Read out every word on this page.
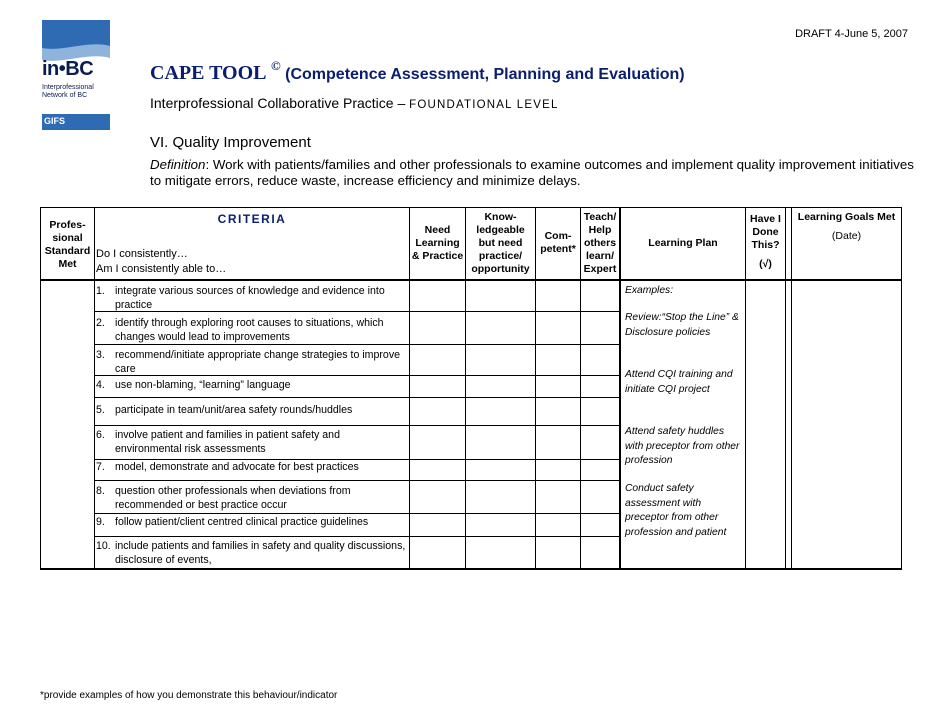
DRAFT 4-June 5, 2007
in•BC
Interprofessional
Network of BC
GIFS
CAPE TOOL © (Competence Assessment, Planning and Evaluation)
Interprofessional Collaborative Practice – FOUNDATIONAL LEVEL
VI. Quality Improvement
Definition: Work with patients/families and other professionals to examine outcomes and implement quality improvement initiatives to mitigate errors, reduce waste, increase efficiency and minimize delays.
Profes-
sional
Standard
Met
CRITERIA
Do I consistently…
Am I consistently able to…
Need
Learning
& Practice
Know-
ledgeable
but need
practice/
opportunity
Com-
petent*
Teach/
Help
others
learn/
Expert
Learning Plan
Have I
Done
This?
(√)
Learning Goals Met
(Date)
1. integrate various sources of knowledge and evidence into practice
2. identify through exploring root causes to situations, which changes would lead to improvements
3. recommend/initiate appropriate change strategies to improve care
4. use non-blaming, “learning” language
5. participate in team/unit/area safety rounds/huddles
6. involve patient and families in patient safety and environmental risk assessments
7. model, demonstrate and advocate for best practices
8. question other professionals when deviations from recommended or best practice occur
9. follow patient/client centred clinical practice guidelines
10. include patients and families in safety and quality discussions, disclosure of events,
Examples:
Review:“Stop the Line” & Disclosure policies
Attend CQI training and initiate CQI project
Attend safety huddles with preceptor from other profession
Conduct safety assessment with preceptor from other profession and patient
*provide examples of how you demonstrate this behaviour/indicator
